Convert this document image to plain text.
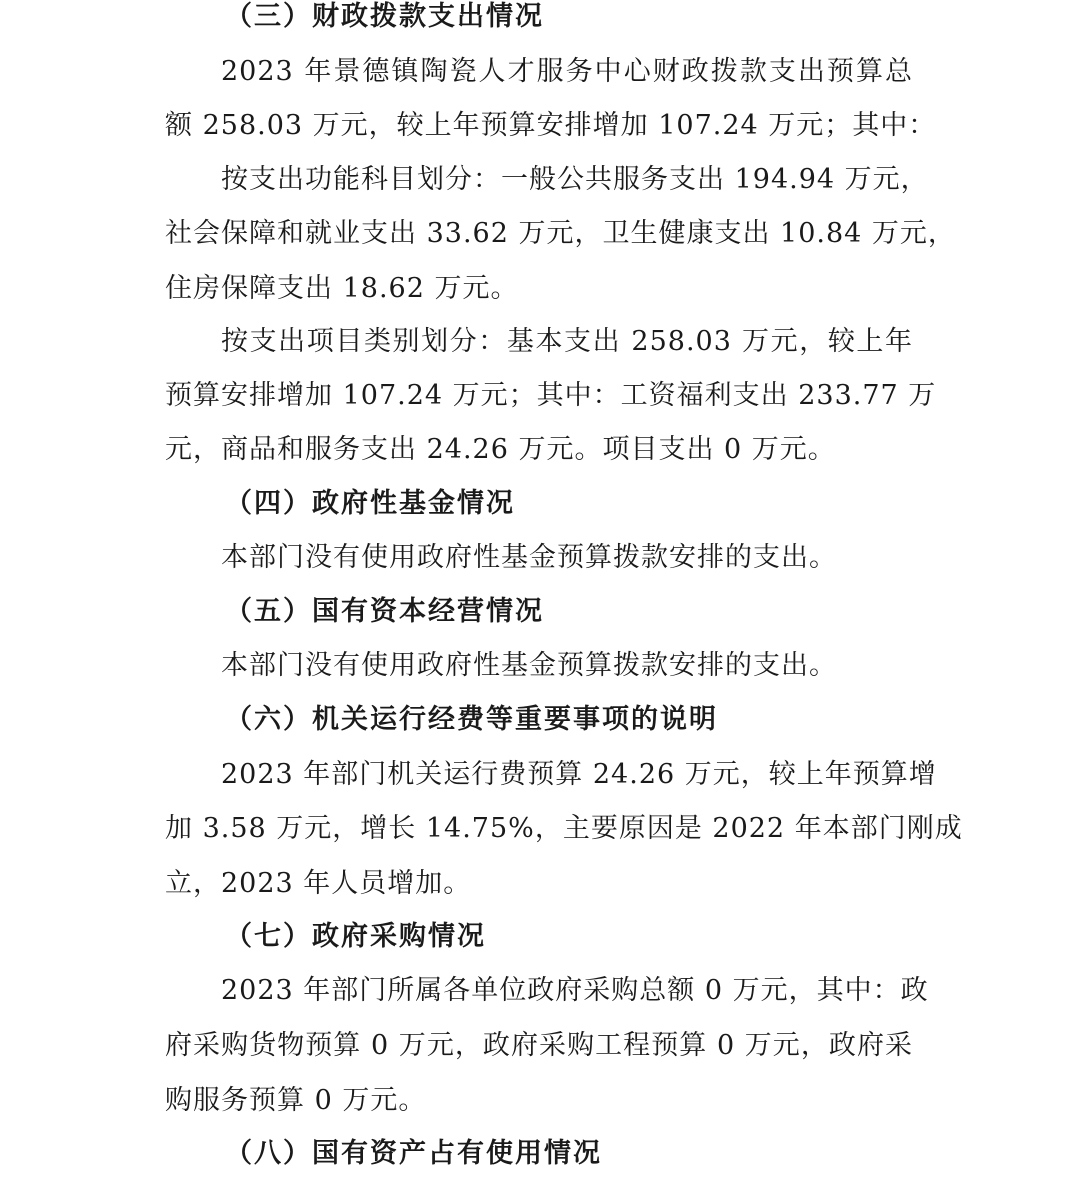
（三）财政拨款支出情况
2023 年景德镇陶瓷人才服务中心财政拨款支出预算总
额 258.03 万元，较上年预算安排增加 107.24 万元；其中：
按支出功能科目划分：一般公共服务支出 194.94 万元，
社会保障和就业支出 33.62 万元，卫生健康支出 10.84 万元，
住房保障支出 18.62 万元。
按支出项目类别划分：基本支出 258.03 万元，较上年
预算安排增加 107.24 万元；其中：工资福利支出 233.77 万
元，商品和服务支出 24.26 万元。项目支出 0 万元。
（四）政府性基金情况
本部门没有使用政府性基金预算拨款安排的支出。
（五）国有资本经营情况
本部门没有使用政府性基金预算拨款安排的支出。
（六）机关运行经费等重要事项的说明
2023 年部门机关运行费预算 24.26 万元，较上年预算增
加 3.58 万元，增长 14.75%，主要原因是 2022 年本部门刚成
立，2023 年人员增加。
（七）政府采购情况
2023 年部门所属各单位政府采购总额 0 万元，其中：政
府采购货物预算 0 万元，政府采购工程预算 0 万元，政府采
购服务预算 0 万元。
（八）国有资产占有使用情况
